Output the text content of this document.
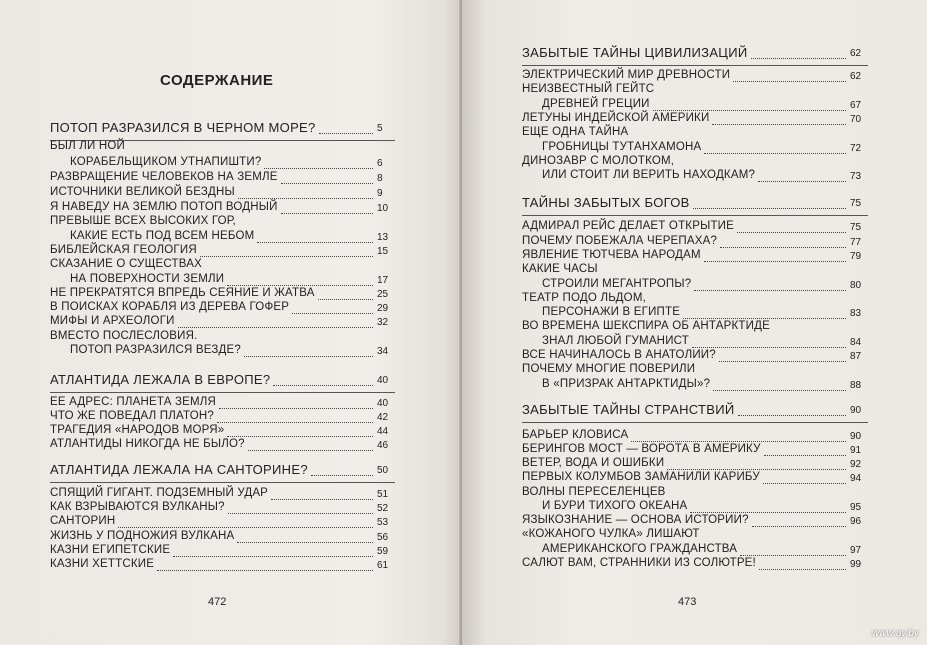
СОДЕРЖАНИЕ
ПОТОП РАЗРАЗИЛСЯ В ЧЕРНОМ МОРЕ?	5
БЫЛ ЛИ НОЙ
КОРАБЕЛЬЩИКОМ УТНАПИШТИ?	6
РАЗВРАЩЕНИЕ ЧЕЛОВЕКОВ НА ЗЕМЛЕ	8
ИСТОЧНИКИ ВЕЛИКОЙ БЕЗДНЫ	9
Я НАВЕДУ НА ЗЕМЛЮ ПОТОП ВОДНЫЙ	10
ПРЕВЫШЕ ВСЕХ ВЫСОКИХ ГОР,
КАКИЕ ЕСТЬ ПОД ВСЕМ НЕБОМ	13
БИБЛЕЙСКАЯ ГЕОЛОГИЯ	15
СКАЗАНИЕ О СУЩЕСТВАХ
НА ПОВЕРХНОСТИ ЗЕМЛИ	17
НЕ ПРЕКРАТЯТСЯ ВПРЕДЬ СЕЯНИЕ И ЖАТВА	25
В ПОИСКАХ КОРАБЛЯ ИЗ ДЕРЕВА ГОФЕР	29
МИФЫ И АРХЕОЛОГИ	32
ВМЕСТО ПОСЛЕСЛОВИЯ.
ПОТОП РАЗРАЗИЛСЯ ВЕЗДЕ?	34
АТЛАНТИДА ЛЕЖАЛА В ЕВРОПЕ?	40
ЕЕ АДРЕС: ПЛАНЕТА ЗЕМЛЯ	40
ЧТО ЖЕ ПОВЕДАЛ ПЛАТОН?	42
ТРАГЕДИЯ «НАРОДОВ МОРЯ»	44
АТЛАНТИДЫ НИКОГДА НЕ БЫЛО?	46
АТЛАНТИДА ЛЕЖАЛА НА САНТОРИНЕ?	50
СПЯЩИЙ ГИГАНТ. ПОДЗЕМНЫЙ УДАР	51
КАК ВЗРЫВАЮТСЯ ВУЛКАНЫ?	52
САНТОРИН	53
ЖИЗНЬ У ПОДНОЖИЯ ВУЛКАНА	56
КАЗНИ ЕГИПЕТСКИЕ	59
КАЗНИ ХЕТТСКИЕ	61
472
ЗАБЫТЫЕ ТАЙНЫ ЦИВИЛИЗАЦИЙ	62
ЭЛЕКТРИЧЕСКИЙ МИР ДРЕВНОСТИ	62
НЕИЗВЕСТНЫЙ ГЕЙТС
ДРЕВНЕЙ ГРЕЦИИ	67
ЛЕТУНЫ ИНДЕЙСКОЙ АМЕРИКИ	70
ЕЩЕ ОДНА ТАЙНА
ГРОБНИЦЫ ТУТАНХАМОНА	72
ДИНОЗАВР С МОЛОТКОМ,
ИЛИ СТОИТ ЛИ ВЕРИТЬ НАХОДКАМ?	73
ТАЙНЫ ЗАБЫТЫХ БОГОВ	75
АДМИРАЛ РЕЙС ДЕЛАЕТ ОТКРЫТИЕ	75
ПОЧЕМУ ПОБЕЖАЛА ЧЕРЕПАХА?	77
ЯВЛЕНИЕ ТЮТЧЕВА НАРОДАМ	79
КАКИЕ ЧАСЫ
СТРОИЛИ МЕГАНТРОПЫ?	80
ТЕАТР ПОДО ЛЬДОМ,
ПЕРСОНАЖИ В ЕГИПТЕ	83
ВО ВРЕМЕНА ШЕКСПИРА ОБ АНТАРКТИДЕ
ЗНАЛ ЛЮБОЙ ГУМАНИСТ	84
ВСЕ НАЧИНАЛОСЬ В АНАТОЛИИ?	87
ПОЧЕМУ МНОГИЕ ПОВЕРИЛИ
В «ПРИЗРАК АНТАРКТИДЫ»?	88
ЗАБЫТЫЕ ТАЙНЫ СТРАНСТВИЙ	90
БАРЬЕР КЛОВИСА	90
БЕРИНГОВ МОСТ — ВОРОТА В АМЕРИКУ	91
ВЕТЕР, ВОДА И ОШИБКИ	92
ПЕРВЫХ КОЛУМБОВ ЗАМАНИЛИ КАРИБУ	94
ВОЛНЫ ПЕРЕСЕЛЕНЦЕВ
И БУРИ ТИХОГО ОКЕАНА	95
ЯЗЫКОЗНАНИЕ — ОСНОВА ИСТОРИИ?	96
«КОЖАНОГО ЧУЛКА» ЛИШАЮТ
АМЕРИКАНСКОГО ГРАЖДАНСТВА	97
САЛЮТ ВАМ, СТРАННИКИ ИЗ СОЛЮТРЕ!	99
473
www.ay.by
